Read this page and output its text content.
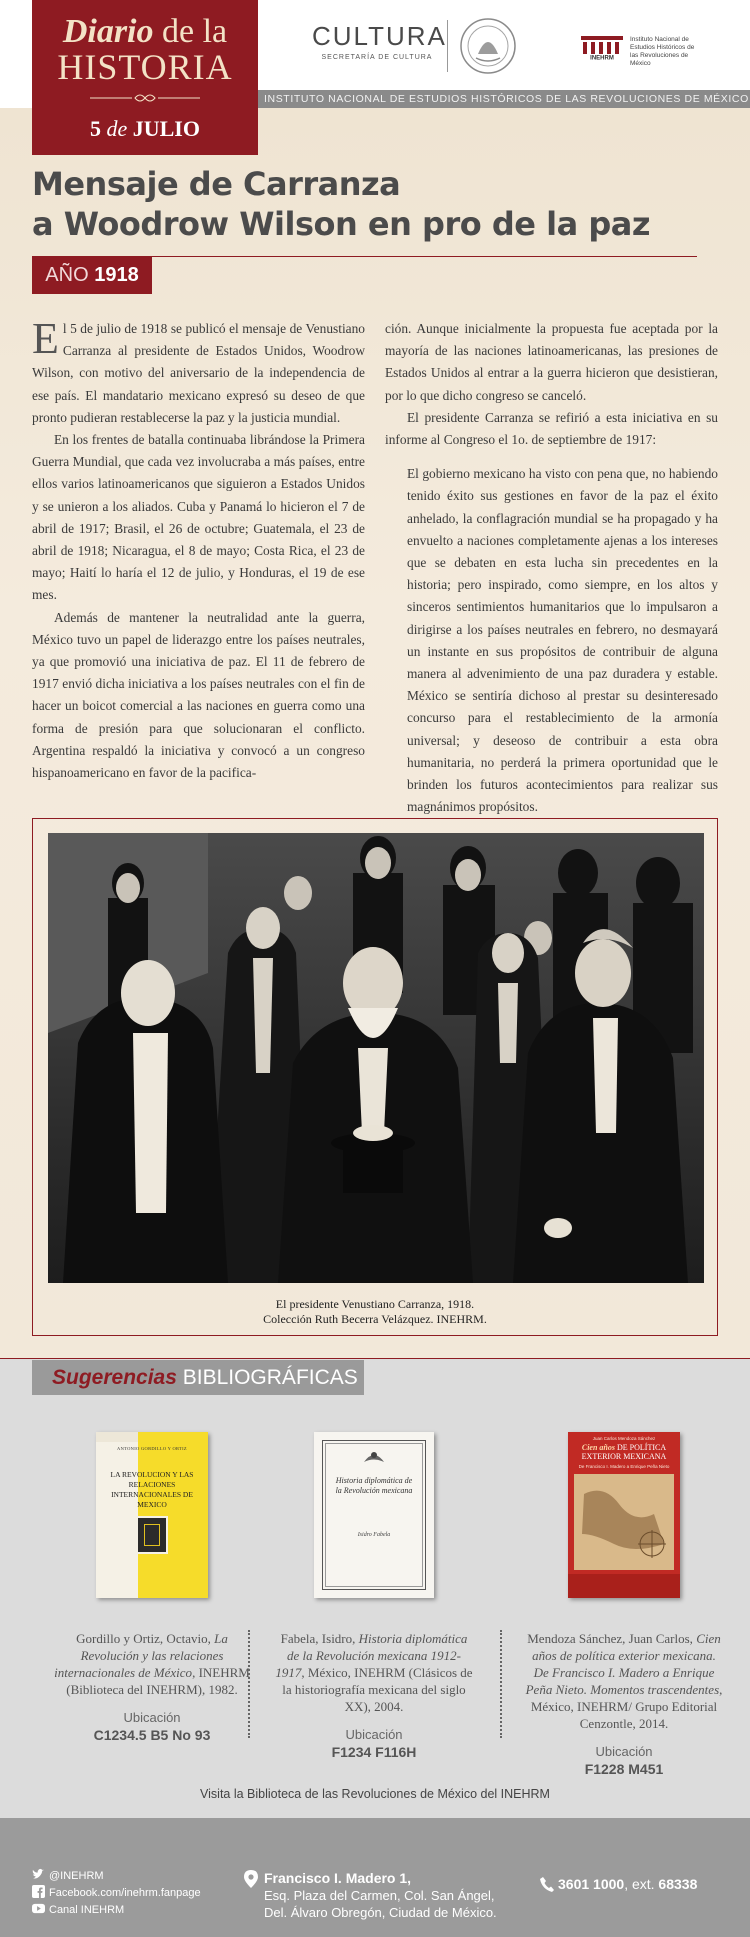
INSTITUTO NACIONAL DE ESTUDIOS HISTÓRICOS DE LAS REVOLUCIONES DE MÉXICO
Diario de la
HISTORIA
5 de JULIO
CULTURA
SECRETARÍA DE CULTURA	INEHRM
Instituto Nacional de Estudios Históricos de las Revoluciones de México
Mensaje de Carranza
a Woodrow Wilson en pro de la paz
AÑO 1918

El 5 de julio de 1918 se publicó el mensaje de Venustiano Carranza al presidente de Estados Unidos, Woodrow Wilson, con motivo del aniversario de la independencia de ese país. El mandatario mexicano expresó su deseo de que pronto pudieran restablecerse la paz y la justicia mundial.

En los frentes de batalla continuaba librándose la Primera Guerra Mundial, que cada vez involucraba a más países, entre ellos varios latinoamericanos que siguieron a Estados Unidos y se unieron a los aliados. Cuba y Panamá lo hicieron el 7 de abril de 1917; Brasil, el 26 de octubre; Guatemala, el 23 de abril de 1918; Nicaragua, el 8 de mayo; Costa Rica, el 23 de mayo; Haití lo haría el 12 de julio, y Honduras, el 19 de ese mes.

Además de mantener la neutralidad ante la guerra, México tuvo un papel de liderazgo entre los países neutrales, ya que promovió una iniciativa de paz. El 11 de febrero de 1917 envió dicha iniciativa a los países neutrales con el fin de hacer un boicot comercial a las naciones en guerra como una forma de presión para que solucionaran el conflicto. Argentina respaldó la iniciativa y convocó a un congreso hispanoamericano en favor de la pacifica-

ción. Aunque inicialmente la propuesta fue aceptada por la mayoría de las naciones latinoamericanas, las presiones de Estados Unidos al entrar a la guerra hicieron que desistieran, por lo que dicho congreso se canceló.

El presidente Carranza se refirió a esta iniciativa en su informe al Congreso el 1o. de septiembre de 1917:

El gobierno mexicano ha visto con pena que, no habiendo tenido éxito sus gestiones en favor de la paz el éxito anhelado, la conflagración mundial se ha propagado y ha envuelto a naciones completamente ajenas a los intereses que se debaten en esta lucha sin precedentes en la historia; pero inspirado, como siempre, en los altos y sinceros sentimientos humanitarios que lo impulsaron a dirigirse a los países neutrales en febrero, no desmayará un instante en sus propósitos de contribuir de alguna manera al advenimiento de una paz duradera y estable. México se sentiría dichoso al prestar su desinteresado concurso para el restablecimiento de la armonía universal; y deseoso de contribuir a esta obra humanitaria, no perderá la primera oportunidad que le brinden los futuros acontecimientos para realizar sus magnánimos propósitos.

El presidente Venustiano Carranza, 1918.
Colección Ruth Becerra Velázquez. INEHRM.
Sugerencias BIBLIOGRÁFICAS
ANTONIO GORDILLO Y ORTIZ
LA REVOLUCION Y LAS RELACIONES INTERNACIONALES DE MEXICO
Gordillo y Ortiz, Octavio, La Revolución y las relaciones internacionales de México, INEHRM (Biblioteca del INEHRM), 1982.
Ubicación
C1234.5 B5 No 93
Historia diplomática de la Revolución mexicana
Isidro Fabela
Fabela, Isidro, Historia diplomática de la Revolución mexicana 1912-1917, México, INEHRM (Clásicos de la historiografía mexicana del siglo XX), 2004.
Ubicación
F1234 F116H
Juan Carlos Mendoza Sánchez
Cien años DE POLÍTICA EXTERIOR MEXICANA
De Francisco I. Madero a Enrique Peña Nieto
Mendoza Sánchez, Juan Carlos, Cien años de política exterior mexicana. De Francisco I. Madero a Enrique Peña Nieto. Momentos trascendentes, México, INEHRM/ Grupo Editorial Cenzontle, 2014.
Ubicación
F1228 M451
Visita la Biblioteca de las Revoluciones de México del INEHRM
@INEHRM
Facebook.com/inehrm.fanpage
Canal INEHRM
Francisco I. Madero 1,
Esq. Plaza del Carmen, Col. San Ángel,
Del. Álvaro Obregón, Ciudad de México.
3601 1000, ext. 68338
